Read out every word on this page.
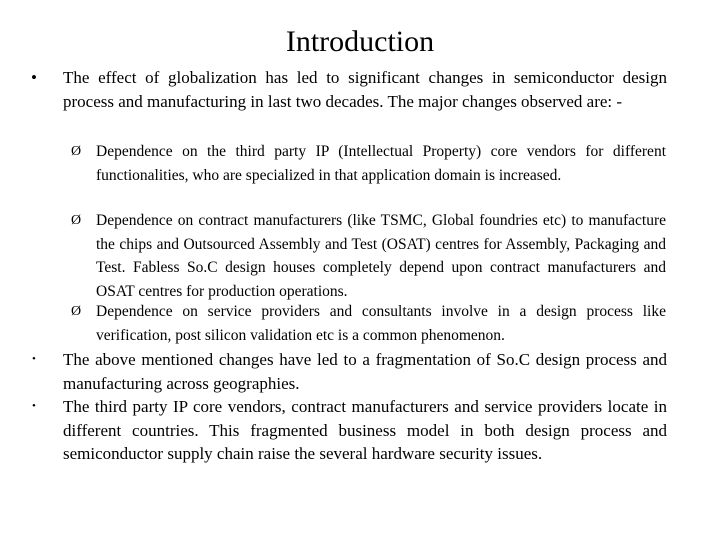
Introduction
•	The effect of globalization has led to significant changes in semiconductor design process and manufacturing in last two decades. The major changes observed are: -
Ø Dependence on the third party IP (Intellectual Property) core vendors for different functionalities, who are specialized in that application domain is increased.
Ø Dependence on contract manufacturers (like TSMC, Global foundries etc) to manufacture the chips and Outsourced Assembly and Test (OSAT) centres for Assembly, Packaging and Test. Fabless So.C design houses completely depend upon contract manufacturers and OSAT centres for production operations.
Ø Dependence on service providers and consultants involve in a design process like verification, post silicon validation etc is a common phenomenon.
•	The above mentioned changes have led to a fragmentation of So.C design process and manufacturing across geographies.
•	The third party IP core vendors, contract manufacturers and service providers locate in different countries. This fragmented business model in both design process and semiconductor supply chain raise the several hardware security issues.
